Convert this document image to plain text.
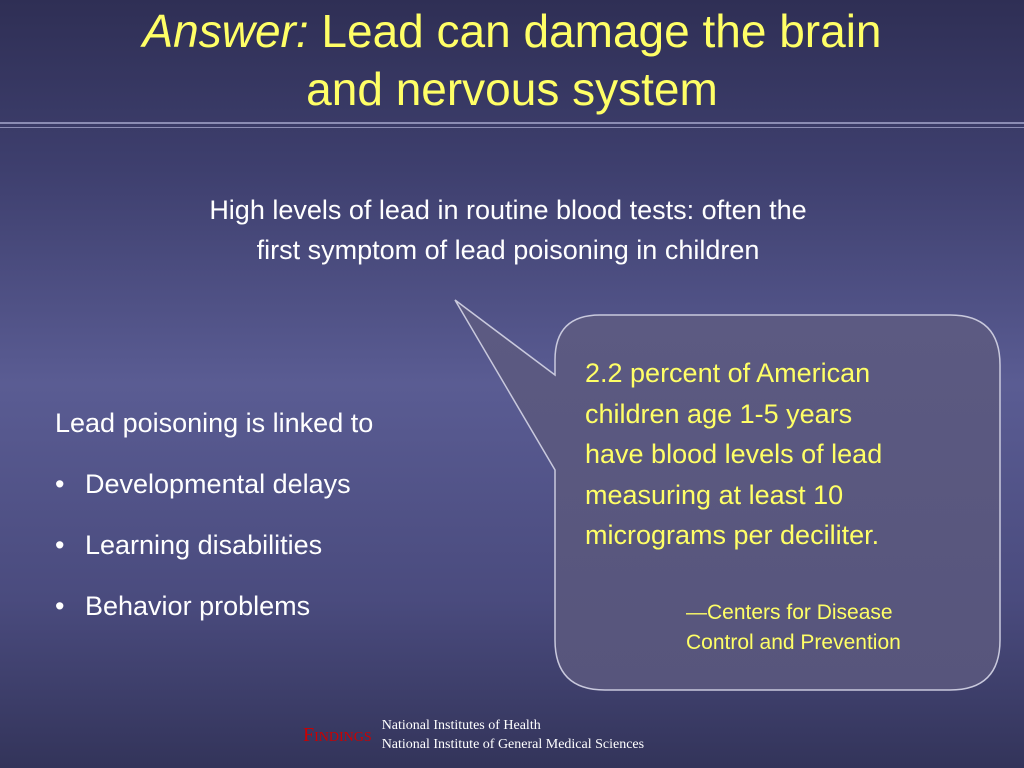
Answer: Lead can damage the brain
and nervous system
High levels of lead in routine blood tests: often the
first symptom of lead poisoning in children
2.2 percent of American
children age 1-5 years
have blood levels of lead
measuring at least 10
micrograms per deciliter.
—Centers for Disease
Control and Prevention
Lead poisoning is linked to
• Developmental delays
• Learning disabilities
• Behavior problems
Findings National Institutes of Health
National Institute of General Medical Sciences
